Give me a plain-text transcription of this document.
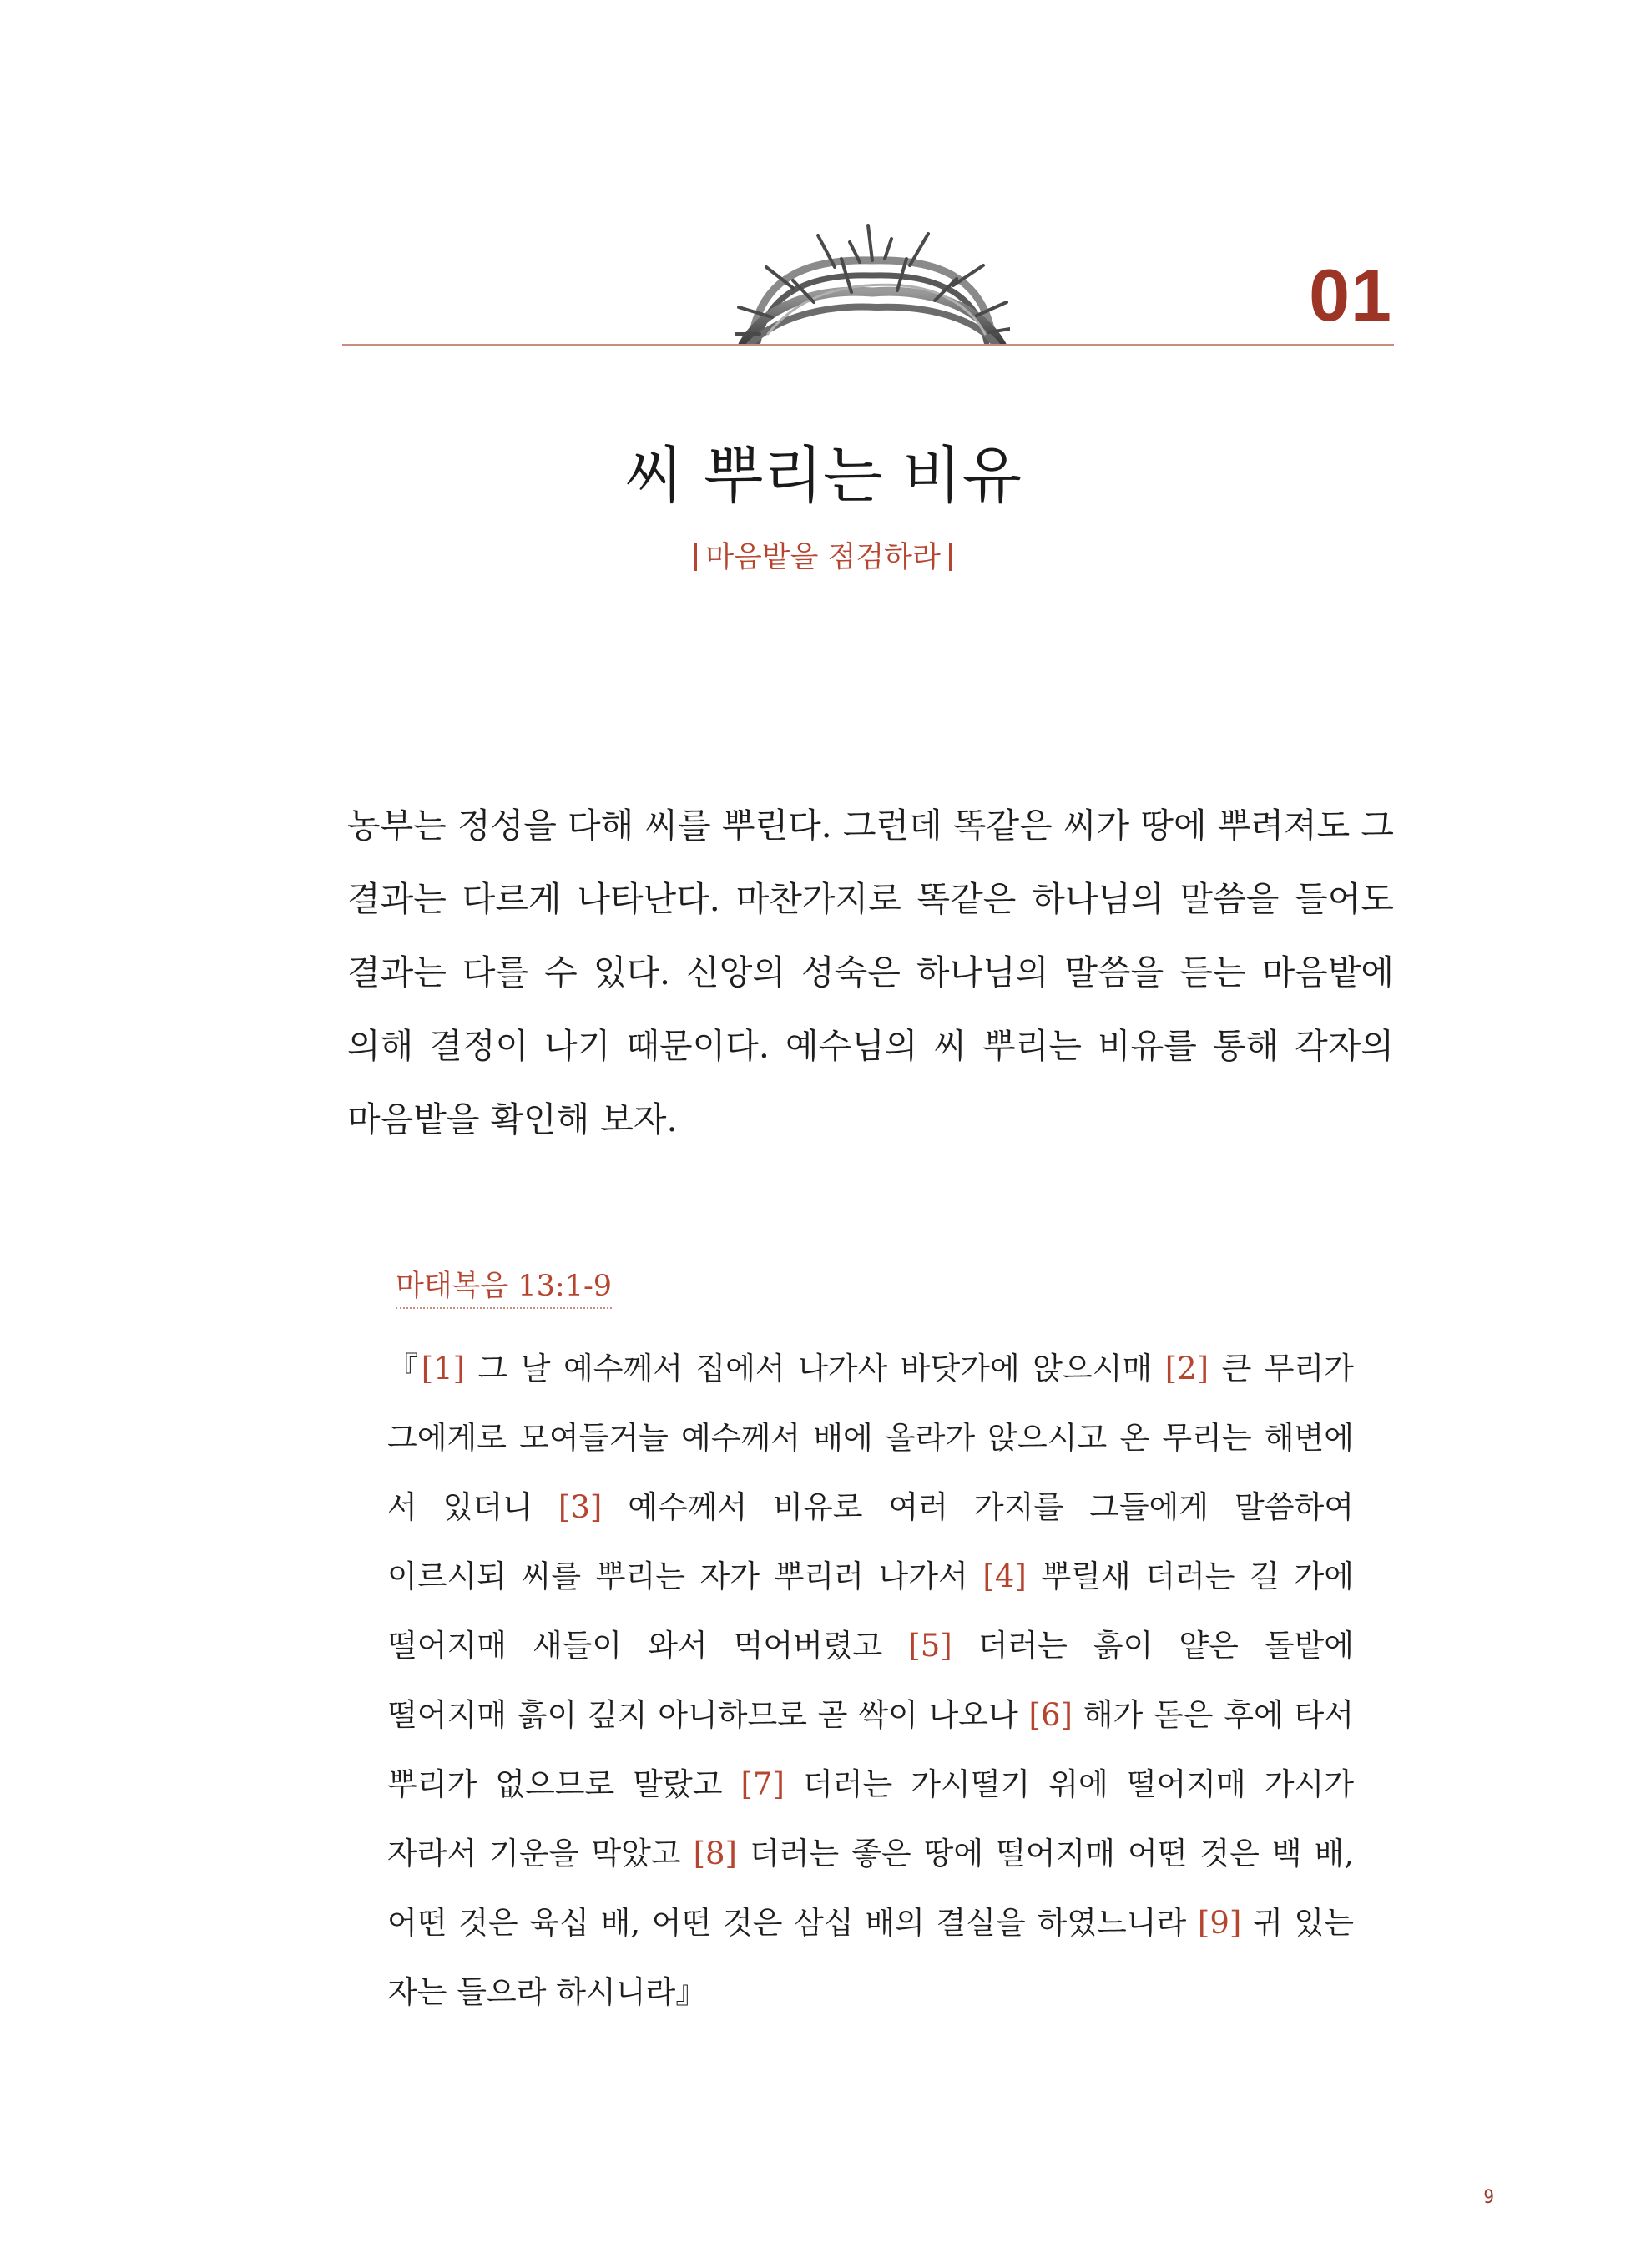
01
씨 뿌리는 비유
마음밭을 점검하라

농부는 정성을 다해 씨를 뿌린다. 그런데 똑같은 씨가 땅에 뿌려져도 그 결과는 다르게 나타난다. 마찬가지로 똑같은 하나님의 말씀을 들어도 결과는 다를 수 있다. 신앙의 성숙은 하나님의 말씀을 듣는 마음밭에 의해 결정이 나기 때문이다. 예수님의 씨 뿌리는 비유를 통해 각자의 마음밭을 확인해 보자.

마태복음 13:1-9

『[1] 그 날 예수께서 집에서 나가사 바닷가에 앉으시매 [2] 큰 무리가 그에게로 모여들거늘 예수께서 배에 올라가 앉으시고 온 무리는 해변에 서 있더니 [3] 예수께서 비유로 여러 가지를 그들에게 말씀하여 이르시되 씨를 뿌리는 자가 뿌리러 나가서 [4] 뿌릴새 더러는 길 가에 떨어지매 새들이 와서 먹어버렸고 [5] 더러는 흙이 얕은 돌밭에 떨어지매 흙이 깊지 아니하므로 곧 싹이 나오나 [6] 해가 돋은 후에 타서 뿌리가 없으므로 말랐고 [7] 더러는 가시떨기 위에 떨어지매 가시가 자라서 기운을 막았고 [8] 더러는 좋은 땅에 떨어지매 어떤 것은 백 배, 어떤 것은 육십 배, 어떤 것은 삼십 배의 결실을 하였느니라 [9] 귀 있는 자는 들으라 하시니라』

9
